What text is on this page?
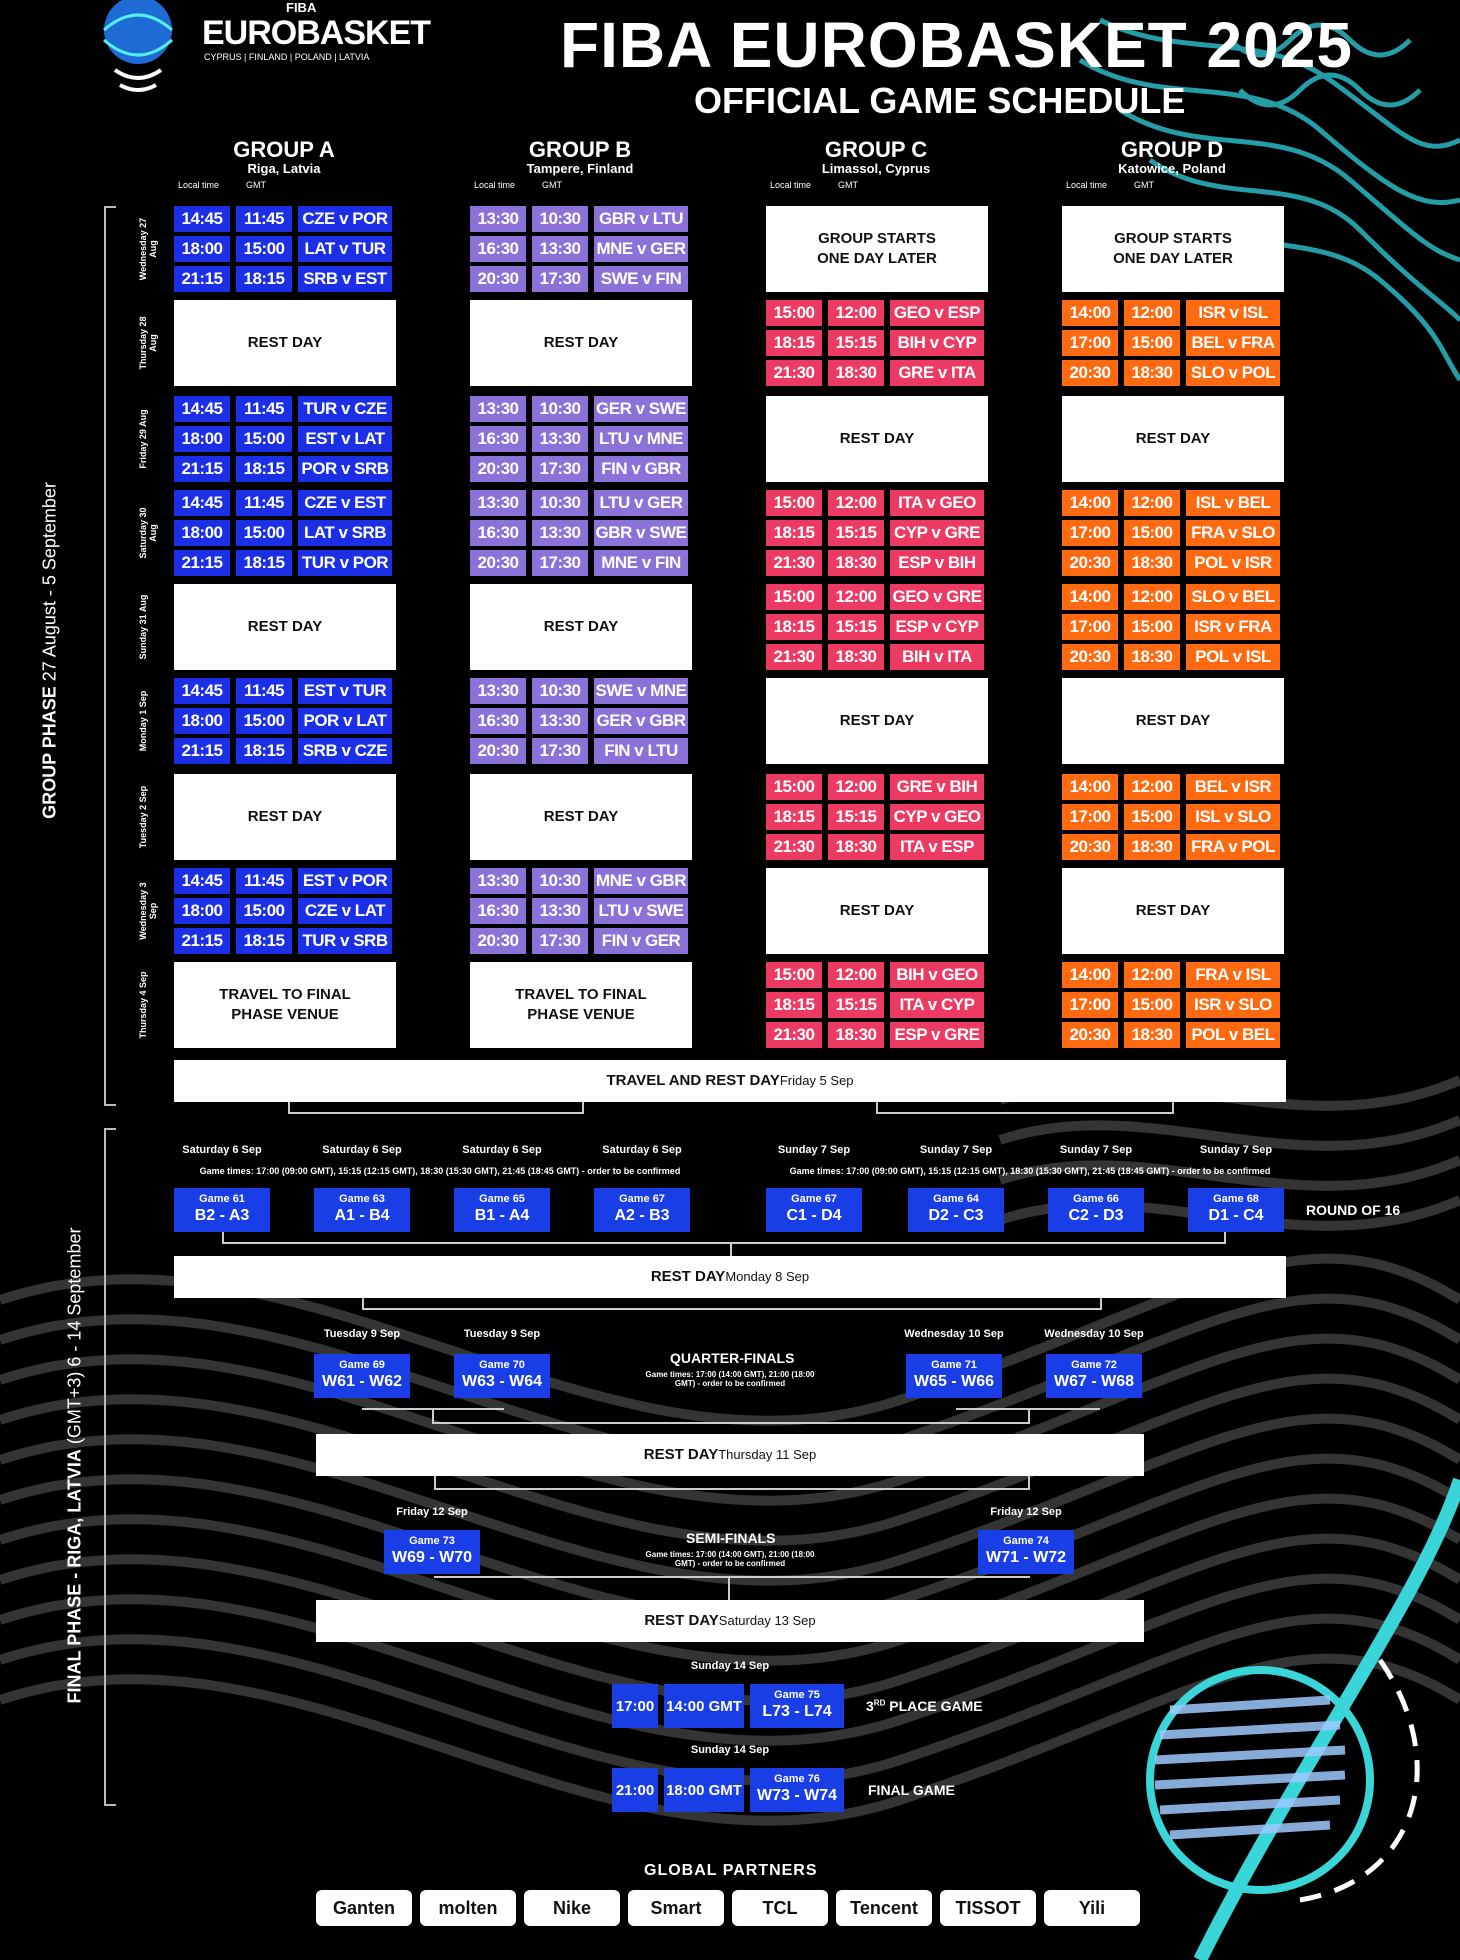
FIBA
EUROBASKET
CYPRUS | FINLAND | POLAND | LATVIA	FIBA EUROBASKET 2025
OFFICIAL GAME SCHEDULE
GROUP A
Riga, Latvia
Local time	GMT
GROUP B
Tampere, Finland
Local time	GMT
GROUP C
Limassol, Cyprus
Local time	GMT
GROUP D
Katowice, Poland
Local time	GMT
14:45	11:45	CZE v POR
18:00	15:00	LAT v TUR
21:15	18:15	SRB v EST
REST DAY
14:45	11:45	TUR v CZE
18:00	15:00	EST v LAT
21:15	18:15 POR v SRB
14:45	11:45	CZE v EST
18:00	15:00	LAT v SRB
21:15	18:15	TUR v POR
REST DAY
14:45	11:45	EST v TUR
18:00	15:00	POR v LAT
21:15	18:15	SRB v CZE
REST DAY
14:45	11:45	EST v POR
18:00	15:00	CZE v LAT
21:15	18:15	TUR v SRB
TRAVEL TO FINAL PHASE VENUE
13:30	10:30	GBR v LTU
16:30	13:30 MNE v GER
20:30	17:30	SWE v FIN
REST DAY
13:30	10:30 GER v SWE
16:30	13:30	LTU v MNE
20:30	17:30	FIN v GBR
13:30	10:30	LTU v GER
16:30	13:30 GBR v SWE
20:30	17:30	MNE v FIN
REST DAY
13:30	10:30 SWE v MNE
16:30	13:30 GER v GBR
20:30	17:30	FIN v LTU
REST DAY
13:30	10:30 MNE v GBR
16:30	13:30	LTU v SWE
20:30	17:30	FIN v GER
TRAVEL TO FINAL PHASE VENUE
GROUP STARTS ONE DAY LATER
15:00	12:00	GEO v ESP
18:15	15:15	BIH v CYP
21:30	18:30	GRE v ITA
REST DAY
15:00	12:00	ITA v GEO
18:15	15:15	CYP v GRE
21:30	18:30	ESP v BIH
15:00	12:00 GEO v GRE
18:15	15:15	ESP v CYP
21:30	18:30	BIH v ITA
REST DAY
15:00	12:00	GRE v BIH
18:15	15:15	CYP v GEO
21:30	18:30	ITA v ESP
REST DAY
15:00	12:00	BIH v GEO
18:15	15:15	ITA v CYP
21:30	18:30	ESP v GRE
GROUP STARTS ONE DAY LATER
14:00	12:00	ISR v ISL
17:00	15:00	BEL v FRA
20:30	18:30	SLO v POL
REST DAY
14:00	12:00	ISL v BEL
17:00	15:00	FRA v SLO
20:30	18:30	POL v ISR
14:00	12:00	SLO v BEL
17:00	15:00	ISR v FRA
20:30	18:30	POL v ISL
REST DAY
14:00	12:00	BEL v ISR
17:00	15:00	ISL v SLO
20:30	18:30	FRA v POL
REST DAY
14:00	12:00	FRA v ISL
17:00	15:00	ISR v SLO
20:30	18:30	POL v BEL
Wednesday 27 Aug
Thursday 28 Aug
Friday 29 Aug
Saturday 30 Aug
Sunday 31 Aug
Monday 1 Sep
Tuesday 2 Sep
Wednesday 3 Sep
Thursday 4 Sep
GROUP PHASE 27 August - 5 September
FINAL PHASE - RIGA, LATVIA (GMT+3) 6 - 14 September
TRAVEL AND REST DAY Friday 5 Sep
REST DAY Monday 8 Sep
REST DAY Thursday 11 Sep
REST DAY Saturday 13 Sep
Saturday 6 Sep
Game 61
B2 - A3
Saturday 6 Sep
Game 63
A1 - B4
Saturday 6 Sep
Game 65
B1 - A4
Saturday 6 Sep
Game 67
A2 - B3
Sunday 7 Sep
Game 67
C1 - D4
Sunday 7 Sep
Game 64
D2 - C3
Sunday 7 Sep
Game 66
C2 - D3
Sunday 7 Sep
Game 68
D1 - C4
Game times: 17:00 (09:00 GMT), 15:15 (12:15 GMT), 18:30 (15:30 GMT), 21:45 (18:45 GMT) - order to be confirmed	Game times: 17:00 (09:00 GMT), 15:15 (12:15 GMT), 18:30 (15:30 GMT), 21:45 (18:45 GMT) - order to be confirmed
ROUND OF 16
Tuesday 9 Sep
Game 69
W61 - W62
Tuesday 9 Sep
Game 70
W63 - W64
Wednesday 10 Sep
Game 71
W65 - W66
Wednesday 10 Sep
Game 72
W67 - W68
QUARTER-FINALS
Game times: 17:00 (14:00 GMT), 21:00 (18:00 GMT) - order to be confirmed
Friday 12 Sep
Game 73
W69 - W70
Friday 12 Sep
Game 74
W71 - W72
SEMI-FINALS
Game times: 17:00 (14:00 GMT), 21:00 (18:00 GMT) - order to be confirmed
Sunday 14 Sep
17:00 14:00 GMT
Game 75
L73 - L74	3RD PLACE GAME
Sunday 14 Sep
21:00 18:00 GMT
Game 76
W73 - W74	FINAL GAME
GLOBAL PARTNERS
Ganten	molten	Nike	Smart	TCL	Tencent	TISSOT	Yili
